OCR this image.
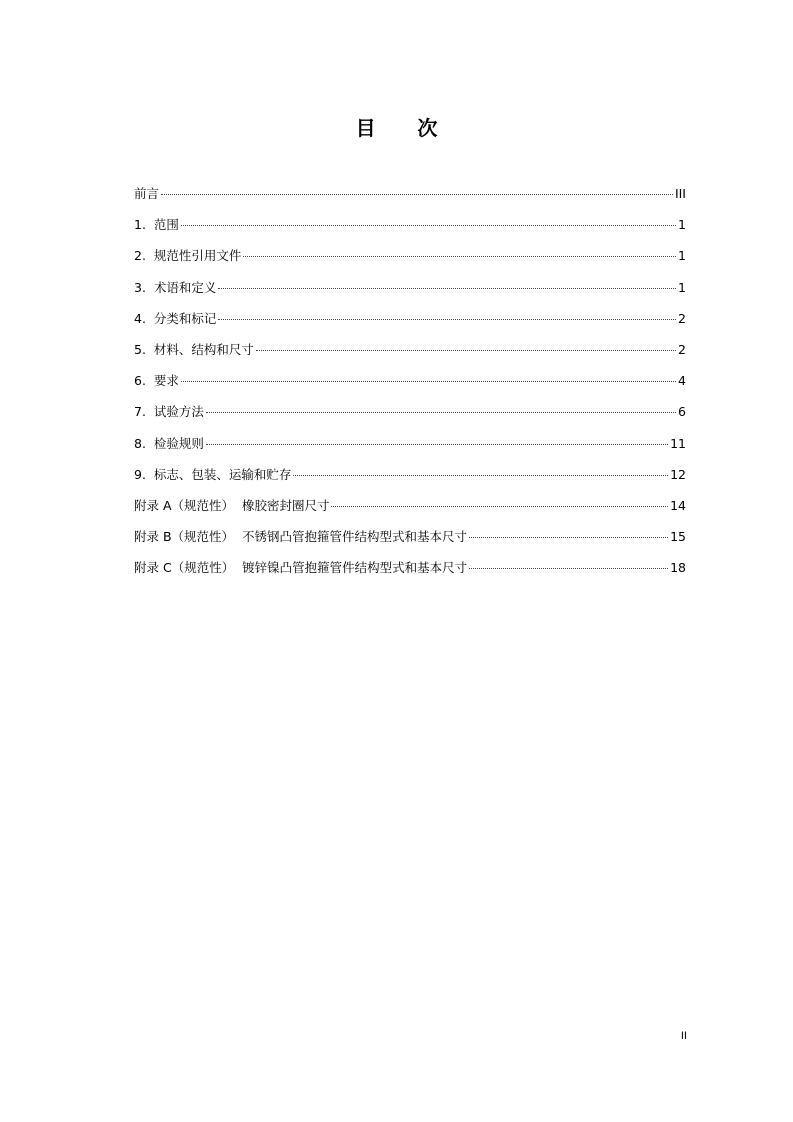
目      次
前言	III
1.  范围	1
2.  规范性引用文件	1
3.  术语和定义	1
4.  分类和标记	2
5.  材料、结构和尺寸	2
6.  要求	4
7.  试验方法	6
8.  检验规则	11
9.  标志、包装、运输和贮存	12
附录 A（规范性）  橡胶密封圈尺寸	14
附录 B（规范性）  不锈钢凸管抱箍管件结构型式和基本尺寸	15
附录 C（规范性）  镀锌镍凸管抱箍管件结构型式和基本尺寸	18
II
